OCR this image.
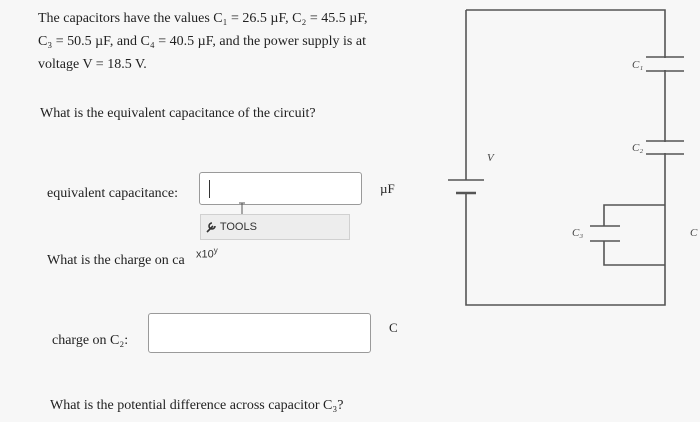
The capacitors have the values C₁ = 26.5 µF, C₂ = 45.5 µF,
C₃ = 50.5 µF, and C₄ = 40.5 µF, and the power supply is at
voltage V = 18.5 V.
What is the equivalent capacitance of the circuit?
equivalent capacitance:	µF
TOOLS
What is the charge on ca x10$^y$
charge on C₂:
C
What is the potential difference across capacitor C₃?
V
C₁
C₂
C₃	C
